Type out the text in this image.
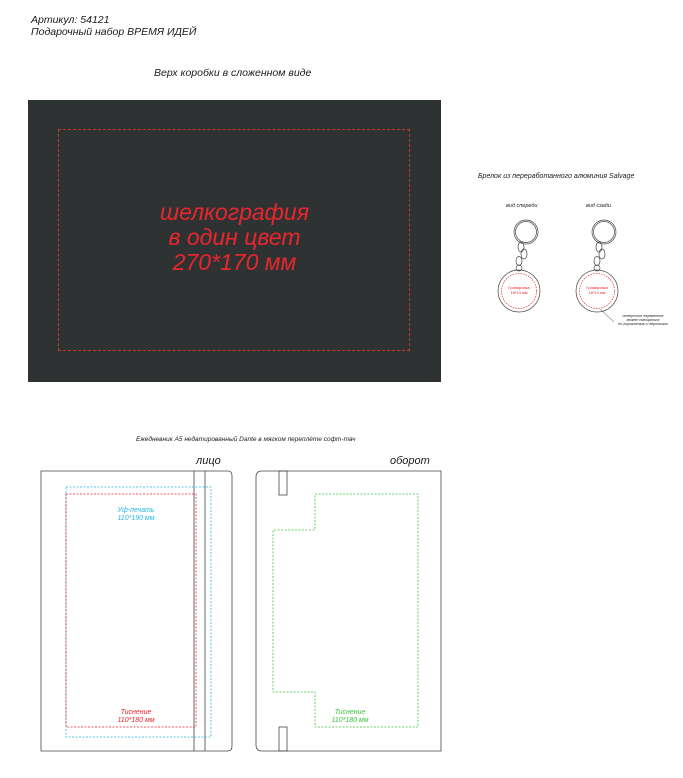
Артикул: 54121
Подарочный набор ВРЕМЯ ИДЕЙ
Верх коробки в сложенном виде
шелкография
в один цвет
270*170 мм
Брелок из переработанного алюминия Salvage
вид спереди	вид сзади
Гравировка
18*14 мм
Гравировка
18*14 мм
отверстие переменное
может смещаться
по горизонтали и вертикали
Ежедневник А5 недатированный Dante в мягком переплёте софт-тач
лицо	оборот
Уф-печать
110*190 мм
Тиснение
110*180 мм
Тиснение
110*180 мм
